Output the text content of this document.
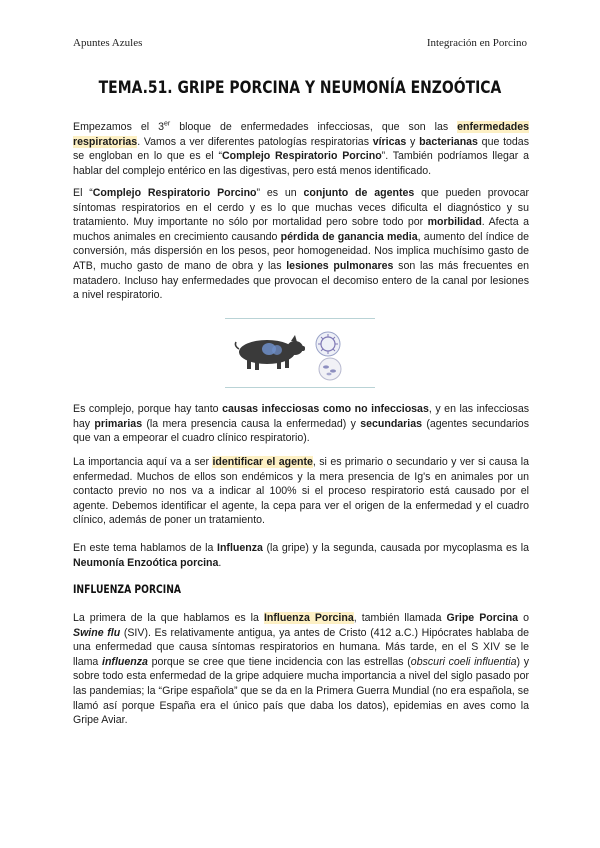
Apuntes Azules	Integración en Porcino
TEMA.51. GRIPE PORCINA Y NEUMONÍA ENZOÓTICA

Empezamos el 3er bloque de enfermedades infecciosas, que son las enfermedades respiratorias. Vamos a ver diferentes patologías respiratorias víricas y bacterianas que todas se engloban en lo que es el “Complejo Respiratorio Porcino”. También podríamos llegar a hablar del complejo entérico en las digestivas, pero está menos identificado.

El “Complejo Respiratorio Porcino” es un conjunto de agentes que pueden provocar síntomas respiratorios en el cerdo y es lo que muchas veces dificulta el diagnóstico y su tratamiento. Muy importante no sólo por mortalidad pero sobre todo por morbilidad. Afecta a muchos animales en crecimiento causando pérdida de ganancia media, aumento del índice de conversión, más dispersión en los pesos, peor homogeneidad. Nos implica muchísimo gasto de ATB, mucho gasto de mano de obra y las lesiones pulmonares son las más frecuentes en matadero. Incluso hay enfermedades que provocan el decomiso entero de la canal por lesiones a nivel respiratorio.

Es complejo, porque hay tanto causas infecciosas como no infecciosas, y en las infecciosas hay primarias (la mera presencia causa la enfermedad) y secundarias (agentes secundarios que van a empeorar el cuadro clínico respiratorio).

La importancia aquí va a ser identificar el agente, si es primario o secundario y ver si causa la enfermedad. Muchos de ellos son endémicos y la mera presencia de Ig's en animales por un contacto previo no nos va a indicar al 100% si el proceso respiratorio está causado por el agente. Debemos identificar el agente, la cepa para ver el origen de la enfermedad y el cuadro clínico, además de poner un tratamiento.

En este tema hablamos de la Influenza (la gripe) y la segunda, causada por mycoplasma es la Neumonía Enzoótica porcina.

INFLUENZA PORCINA

La primera de la que hablamos es la Influenza Porcina, también llamada Gripe Porcina o Swine flu (SIV). Es relativamente antigua, ya antes de Cristo (412 a.C.) Hipócrates hablaba de una enfermedad que causa síntomas respiratorios en humana. Más tarde, en el S XIV se le llama influenza porque se cree que tiene incidencia con las estrellas (obscuri coeli influentia) y sobre todo esta enfermedad de la gripe adquiere mucha importancia a nivel del siglo pasado por las pandemias; la “Gripe española” que se da en la Primera Guerra Mundial (no era española, se llamó así porque España era el único país que daba los datos), epidemias en aves como la Gripe Aviar.
